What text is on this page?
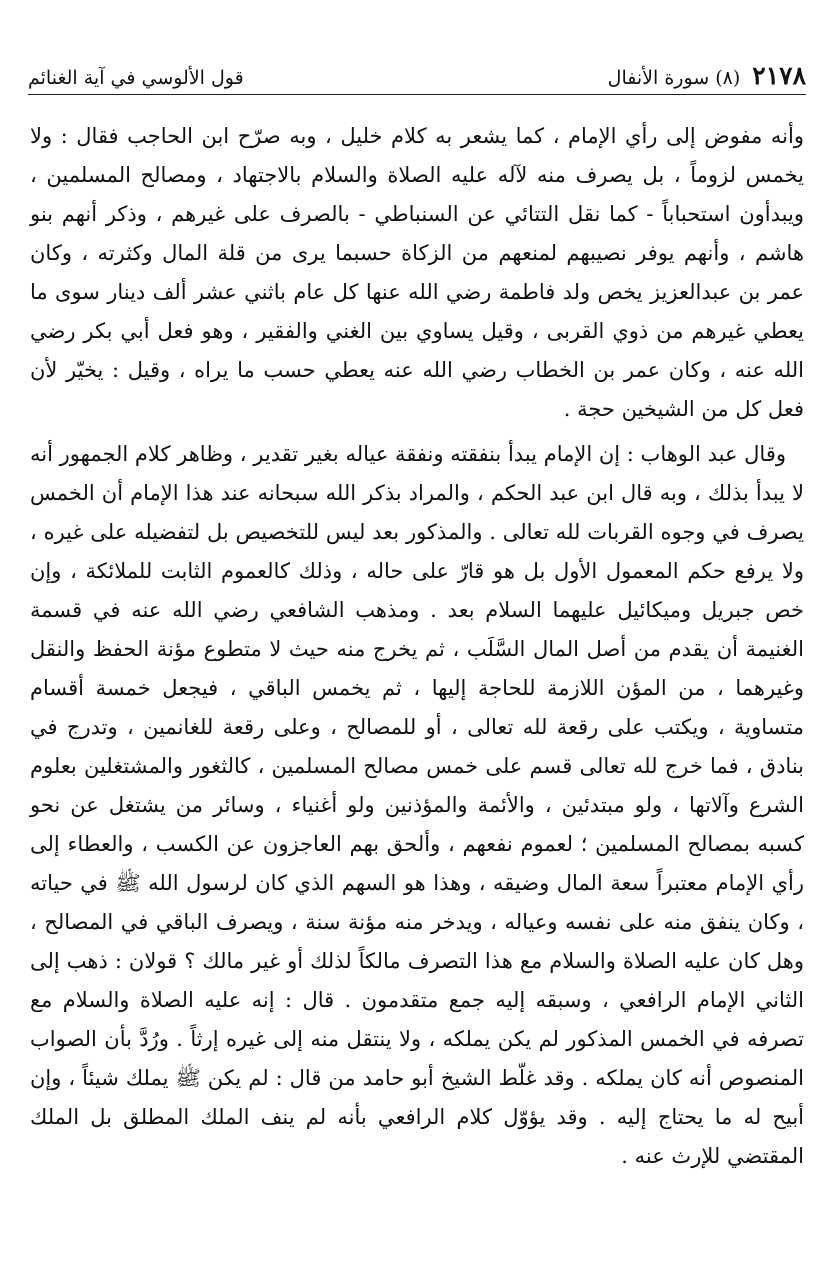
٢١٧٨
(٨) سورة الأنفال
قول الألوسي في آية الغنائم

وأنه مفوض إلى رأي الإمام ، كما يشعر به كلام خليل ، وبه صرّح ابن الحاجب فقال : ولا يخمس لزوماً ، بل يصرف منه لآله عليه الصلاة والسلام بالاجتهاد ، ومصالح المسلمين ، ويبدأون استحباباً - كما نقل التتائي عن السنباطي - بالصرف على غيرهم ، وذكر أنهم بنو هاشم ، وأنهم يوفر نصيبهم لمنعهم من الزكاة حسبما يرى من قلة المال وكثرته ، وكان عمر بن عبدالعزيز يخص ولد فاطمة رضي الله عنها كل عام باثني عشر ألف دينار سوى ما يعطي غيرهم من ذوي القربى ، وقيل يساوي بين الغني والفقير ، وهو فعل أبي بكر رضي الله عنه ، وكان عمر بن الخطاب رضي الله عنه يعطي حسب ما يراه ، وقيل : يخيّر لأن فعل كل من الشيخين حجة .

وقال عبد الوهاب : إن الإمام يبدأ بنفقته ونفقة عياله بغير تقدير ، وظاهر كلام الجمهور أنه لا يبدأ بذلك ، وبه قال ابن عبد الحكم ، والمراد بذكر الله سبحانه عند هذا الإمام أن الخمس يصرف في وجوه القربات لله تعالى . والمذكور بعد ليس للتخصيص بل لتفضيله على غيره ، ولا يرفع حكم المعمول الأول بل هو قارّ على حاله ، وذلك كالعموم الثابت للملائكة ، وإن خص جبريل وميكائيل عليهما السلام بعد . ومذهب الشافعي رضي الله عنه في قسمة الغنيمة أن يقدم من أصل المال السَّلَب ، ثم يخرج منه حيث لا متطوع مؤنة الحفظ والنقل وغيرهما ، من المؤن اللازمة للحاجة إليها ، ثم يخمس الباقي ، فيجعل خمسة أقسام متساوية ، ويكتب على رقعة لله تعالى ، أو للمصالح ، وعلى رقعة للغانمين ، وتدرج في بنادق ، فما خرج لله تعالى قسم على خمس مصالح المسلمين ، كالثغور والمشتغلين بعلوم الشرع وآلاتها ، ولو مبتدئين ، والأئمة والمؤذنين ولو أغنياء ، وسائر من يشتغل عن نحو كسبه بمصالح المسلمين ؛ لعموم نفعهم ، وألحق بهم العاجزون عن الكسب ، والعطاء إلى رأي الإمام معتبراً سعة المال وضيقه ، وهذا هو السهم الذي كان لرسول الله ﷺ في حياته ، وكان ينفق منه على نفسه وعياله ، ويدخر منه مؤنة سنة ، ويصرف الباقي في المصالح ، وهل كان عليه الصلاة والسلام مع هذا التصرف مالكاً لذلك أو غير مالك ؟ قولان : ذهب إلى الثاني الإمام الرافعي ، وسبقه إليه جمع متقدمون . قال : إنه عليه الصلاة والسلام مع تصرفه في الخمس المذكور لم يكن يملكه ، ولا ينتقل منه إلى غيره إرثاً . ورُدَّ بأن الصواب المنصوص أنه كان يملكه . وقد غلّط الشيخ أبو حامد من قال : لم يكن ﷺ يملك شيئاً ، وإن أبيح له ما يحتاج إليه . وقد يؤوّل كلام الرافعي بأنه لم ينف الملك المطلق بل الملك المقتضي للإرث عنه .
